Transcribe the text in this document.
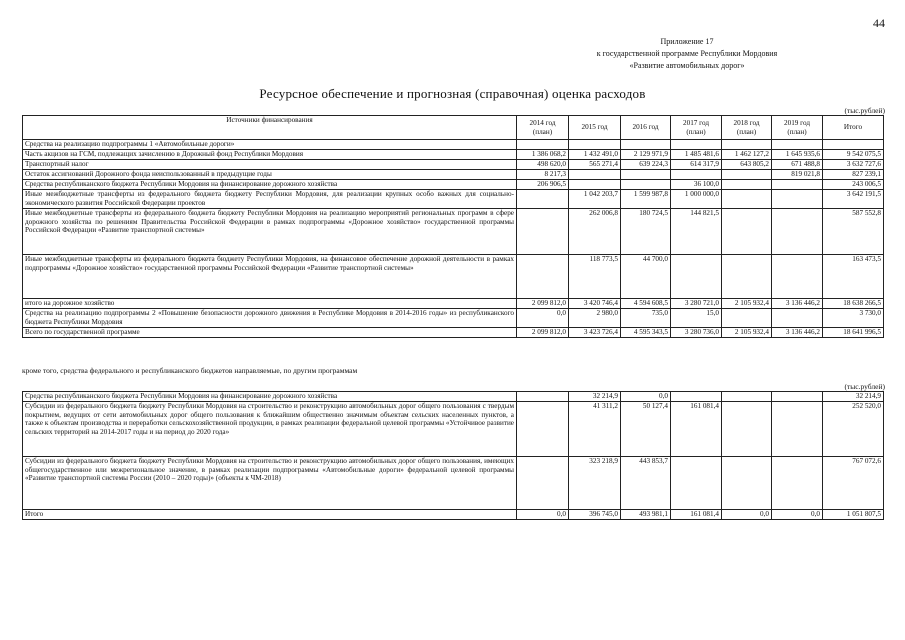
44
Приложение 17
к государственной программе Республики Мордовия
«Развитие автомобильных дорог»
Ресурсное обеспечение и прогнозная (справочная) оценка расходов
(тыс.рублей)
Источники финансирования	2014 год (план)	2015 год	2016 год	2017 год (план)	2018 год (план)	2019 год (план)	Итого
Средства на реализацию подпрограммы 1 «Автомобильные дороги»							
Часть акцизов на ГСМ, подлежащих зачислению в Дорожный фонд Республики Мордовия	1 386 068,2	1 432 491,0	2 129 971,9	1 485 481,6	1 462 127,2	1 645 935,6	9 542 075,5
Транспортный налог	498 620,0	565 271,4	639 224,3	614 317,9	643 805,2	671 488,8	3 632 727,6
Остаток ассигнований Дорожного фонда неиспользованный в предыдущие годы	8 217,3					819 021,8	827 239,1
Средства республиканского бюджета Республики Мордовия на финансирование дорожного хозяйства	206 906,5			36 100,0			243 006,5
Иные межбюджетные трансферты из федерального бюджета бюджету Республики Мордовия, для реализации крупных особо важных для социально-экономического развития Российской Федерации проектов		1 042 203,7	1 599 987,8	1 000 000,0			3 642 191,5
Иные межбюджетные трансферты из федерального бюджета бюджету Республики Мордовия на реализацию мероприятий региональных программ в сфере дорожного хозяйства по решениям Правительства Российской Федерации в рамках подпрограммы «Дорожное хозяйство» государственной программы Российской Федерации «Развитие транспортной системы»		262 006,8	180 724,5	144 821,5			587 552,8
Иные межбюджетные трансферты из федерального бюджета бюджету Республики Мордовия, на финансовое обеспечение дорожной деятельности в рамках подпрограммы «Дорожное хозяйство» государственной программы Российской Федерации «Развитие транспортной системы»		118 773,5	44 700,0				163 473,5
итого на дорожное хозяйство	2 099 812,0	3 420 746,4	4 594 608,5	3 280 721,0	2 105 932,4	3 136 446,2	18 638 266,5
Средства на реализацию подпрограммы 2 «Повышение безопасности дорожного движения в Республике Мордовия в 2014-2016 годы» из республиканского бюджета Республики Мордовия	0,0	2 980,0	735,0	15,0			3 730,0
Всего по государственной программе	2 099 812,0	3 423 726,4	4 595 343,5	3 280 736,0	2 105 932,4	3 136 446,2	18 641 996,5
кроме того, средства федерального и республиканского бюджетов направляемые, по другим программам
(тыс.рублей)
Средства республиканского бюджета Республики Мордовия на финансирование дорожного хозяйства		32 214,9	0,0				32 214,9
Субсидии из федерального бюджета бюджету Республики Мордовия на строительство и реконструкцию автомобильных дорог общего пользования с твердым покрытием, ведущих от сети автомобильных дорог общего пользования к ближайшим общественно значимым объектам сельских населенных пунктов, а также к объектам производства и переработки сельскохозяйственной продукции, в рамках реализации федеральной целевой программы «Устойчивое развитие сельских территорий на 2014-2017 годы и на период до 2020 года»		41 311,2	50 127,4	161 081,4			252 520,0
Субсидии из федерального бюджета бюджету Республики Мордовия на строительство и реконструкцию автомобильных дорог общего пользования, имеющих общегосударственное или межрегиональное значение, в рамках реализации подпрограммы «Автомобильные дороги» федеральной целевой программы «Развитие транспортной системы России (2010 – 2020 годы)» (объекты к ЧМ-2018)		323 218,9	443 853,7				767 072,6
Итого	0,0	396 745,0	493 981,1	161 081,4	0,0	0,0	1 051 807,5
